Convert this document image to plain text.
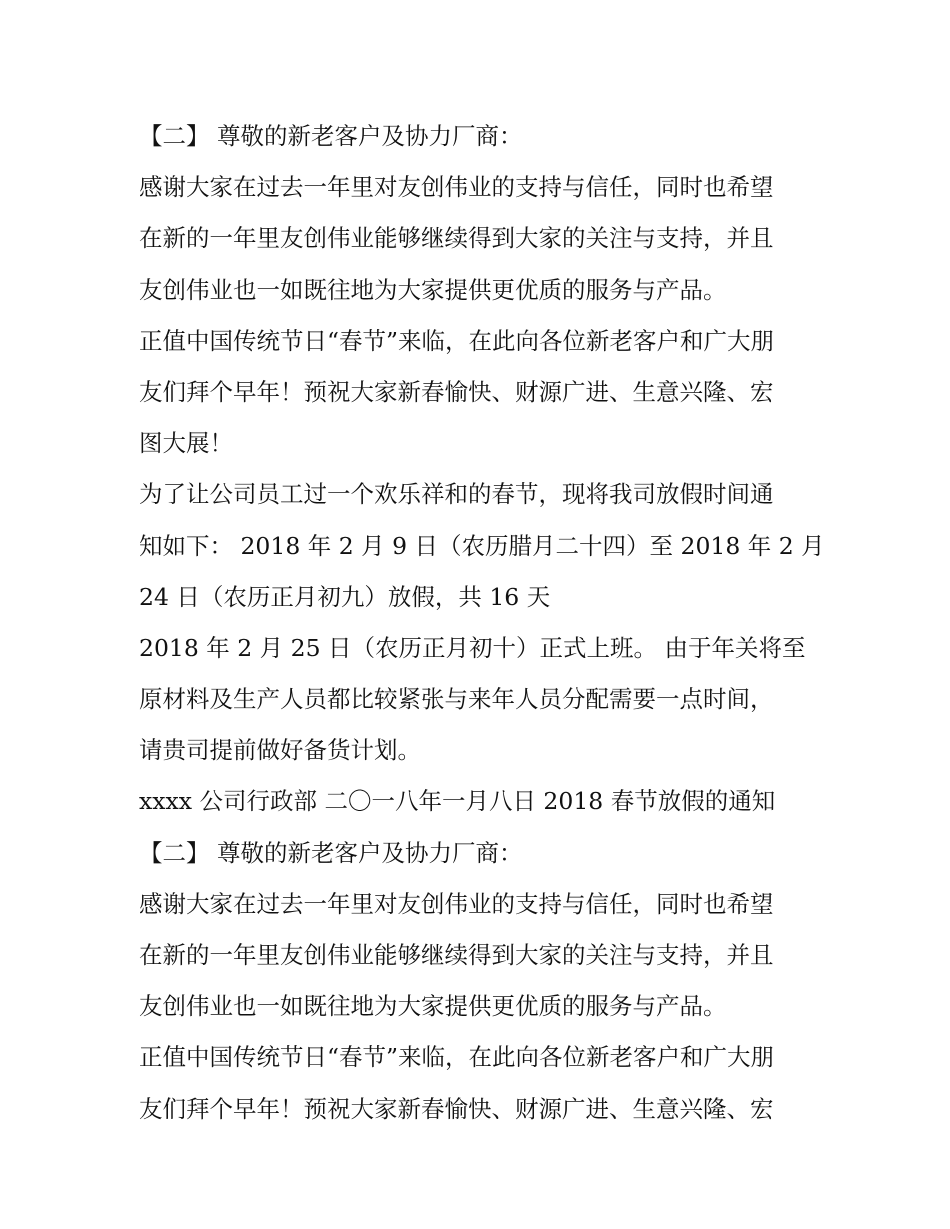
【二】 尊敬的新老客户及协力厂商：

感谢大家在过去一年里对友创伟业的支持与信任，同时也希望
在新的一年里友创伟业能够继续得到大家的关注与支持，并且
友创伟业也一如既往地为大家提供更优质的服务与产品。

正值中国传统节日“春节”来临，在此向各位新老客户和广大朋
友们拜个早年！预祝大家新春愉快、财源广进、生意兴隆、宏
图大展！

为了让公司员工过一个欢乐祥和的春节，现将我司放假时间通
知如下： 2018 年 2 月 9 日（农历腊月二十四）至 2018 年 2 月
24 日（农历正月初九）放假，共 16 天

2018 年 2 月 25 日（农历正月初十）正式上班。 由于年关将至
原材料及生产人员都比较紧张与来年人员分配需要一点时间，
请贵司提前做好备货计划。

xxxx 公司行政部 二〇一八年一月八日 2018 春节放假的通知

【二】 尊敬的新老客户及协力厂商：

感谢大家在过去一年里对友创伟业的支持与信任，同时也希望
在新的一年里友创伟业能够继续得到大家的关注与支持，并且
友创伟业也一如既往地为大家提供更优质的服务与产品。

正值中国传统节日“春节”来临，在此向各位新老客户和广大朋
友们拜个早年！预祝大家新春愉快、财源广进、生意兴隆、宏
